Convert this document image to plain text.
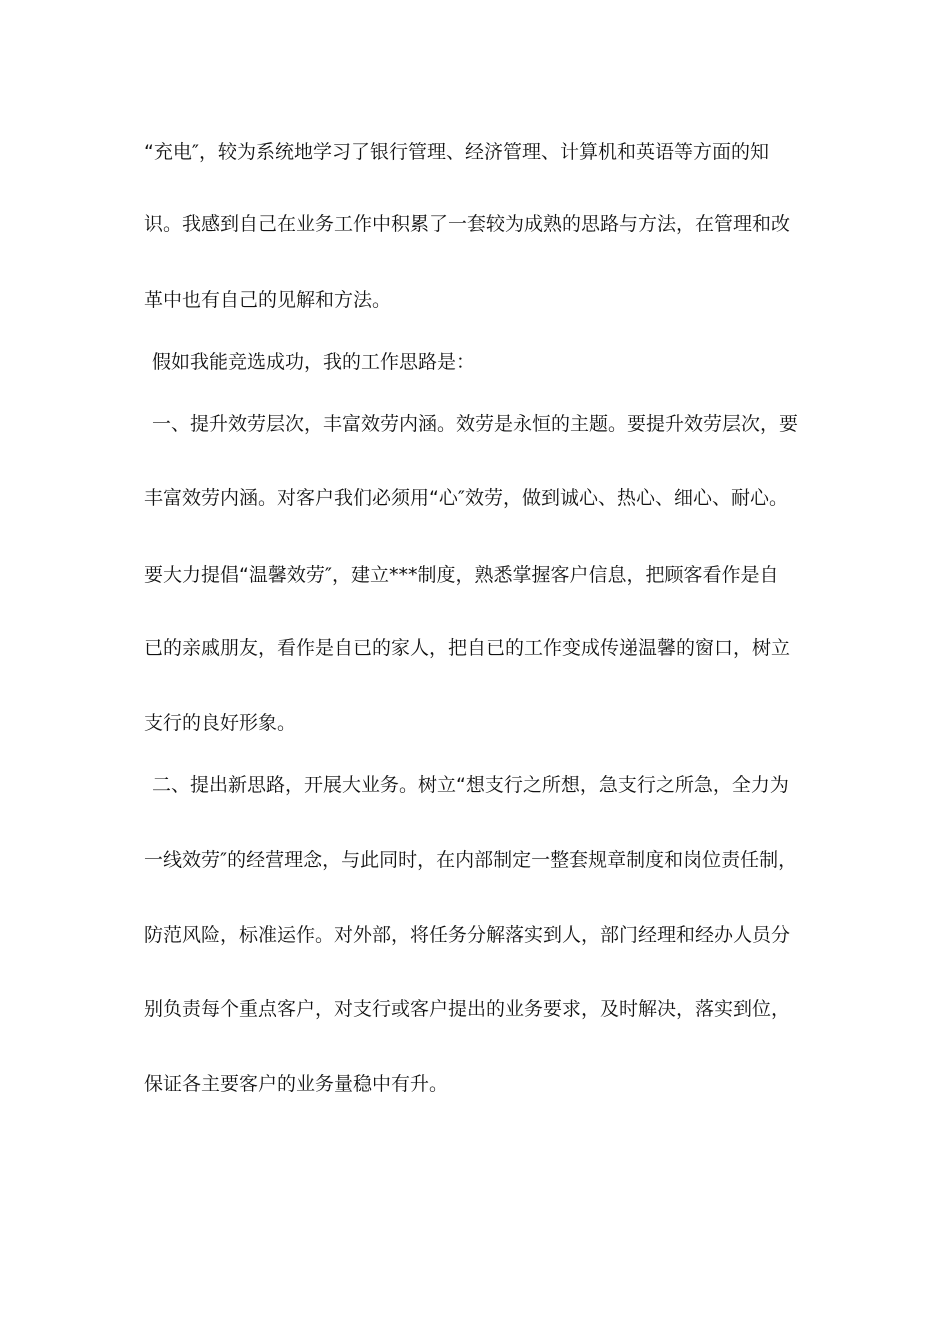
“充电″，较为系统地学习了银行管理、经济管理、计算机和英语等方面的知
识。我感到自己在业务工作中积累了一套较为成熟的思路与方法，在管理和改
革中也有自己的见解和方法。
假如我能竞选成功，我的工作思路是：
一、提升效劳层次，丰富效劳内涵。效劳是永恒的主题。要提升效劳层次，要
丰富效劳内涵。对客户我们必须用“心″效劳，做到诚心、热心、细心、耐心。
要大力提倡“温馨效劳″，建立***制度，熟悉掌握客户信息，把顾客看作是自
已的亲戚朋友，看作是自已的家人，把自已的工作变成传递温馨的窗口，树立
支行的良好形象。
二、提出新思路，开展大业务。树立“想支行之所想，急支行之所急，全力为
一线效劳″的经营理念，与此同时，在内部制定一整套规章制度和岗位责任制，
防范风险，标准运作。对外部，将任务分解落实到人，部门经理和经办人员分
别负责每个重点客户，对支行或客户提出的业务要求，及时解决，落实到位，
保证各主要客户的业务量稳中有升。
